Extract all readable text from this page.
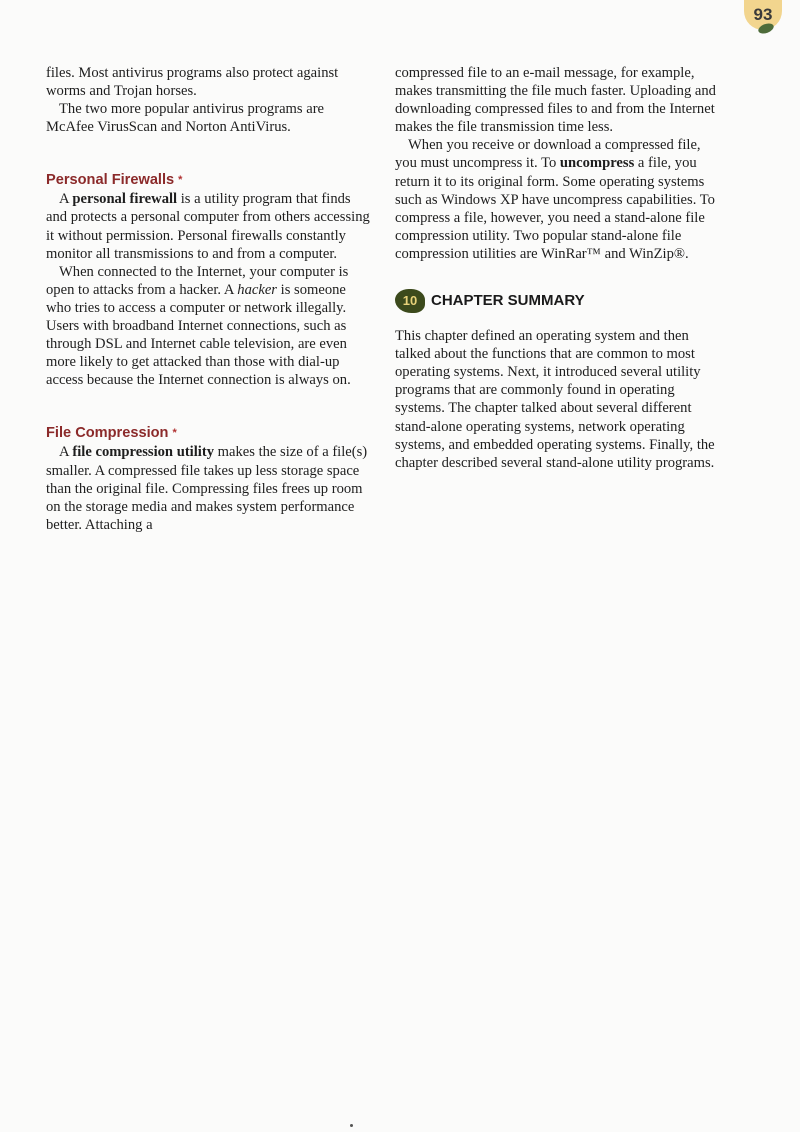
93

files. Most antivirus programs also protect against worms and Trojan horses.

The two more popular antivirus programs are McAfee VirusScan and Norton AntiVirus.

Personal Firewalls *

A personal firewall is a utility program that finds and protects a personal computer from others accessing it without permission. Personal firewalls constantly monitor all transmissions to and from a computer.

When connected to the Internet, your computer is open to attacks from a hacker. A hacker is someone who tries to access a computer or network illegally. Users with broadband Internet connections, such as through DSL and Internet cable television, are even more likely to get attacked than those with dial-up access because the Internet connection is always on.

File Compression *

A file compression utility makes the size of a file(s) smaller. A compressed file takes up less storage space than the original file. Compressing files frees up room on the storage media and makes system performance better. Attaching a

compressed file to an e-mail message, for example, makes transmitting the file much faster. Uploading and downloading compressed files to and from the Internet makes the file transmission time less.

When you receive or download a compressed file, you must uncompress it. To uncompress a file, you return it to its original form. Some operating systems such as Windows XP have uncompress capabilities. To compress a file, however, you need a stand-alone file compression utility. Two popular stand-alone file compression utilities are WinRar™ and WinZip®.

10 CHAPTER SUMMARY

This chapter defined an operating system and then talked about the functions that are common to most operating systems. Next, it introduced several utility programs that are commonly found in operating systems. The chapter talked about several different stand-alone operating systems, network operating systems, and embedded operating systems. Finally, the chapter described several stand-alone utility programs.
